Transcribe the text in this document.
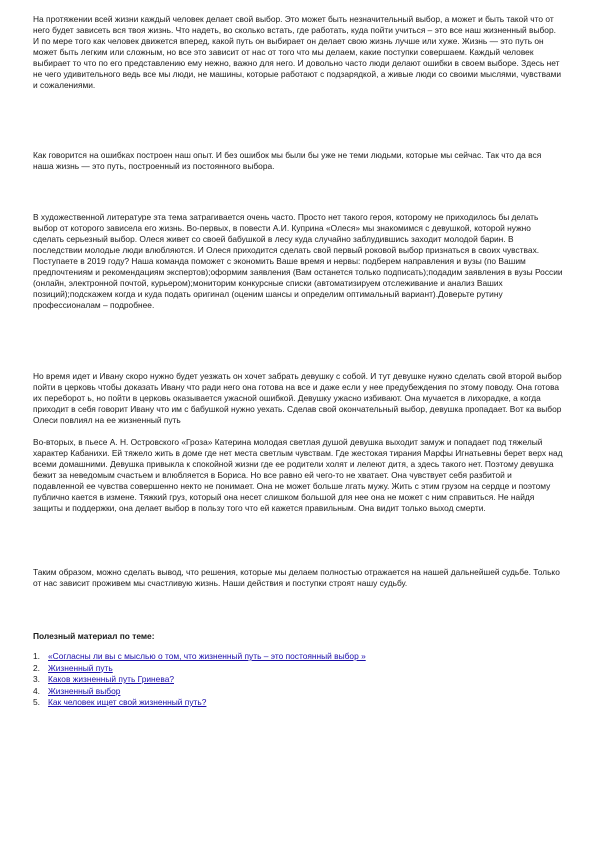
На протяжении всей жизни каждый человек делает свой выбор. Это может быть незначительный выбор, а может и быть такой что от него будет зависеть вся твоя жизнь. Что надеть, во сколько встать, где работать, куда пойти учиться – это все наш жизненный выбор. И по мере того как человек движется вперед, какой путь он выбирает он делает свою жизнь лучше или хуже. Жизнь — это путь он может быть легким или сложным, но все это зависит от нас от того что мы делаем, какие поступки совершаем. Каждый человек выбирает то что по его представлению ему нежно, важно для него. И довольно часто люди делают ошибки в своем выборе. Здесь нет не чего удивительного ведь все мы люди, не машины, которые работают с подзарядкой, а живые люди со своими мыслями, чувствами и сожалениями.

Как говорится на ошибках построен наш опыт. И без ошибок мы были бы уже не теми людьми, которые мы сейчас. Так что да вся наша жизнь — это путь, построенный из постоянного выбора.

В художественной литературе эта тема затрагивается очень часто. Просто нет такого героя, которому не приходилось бы делать выбор от которого зависела его жизнь. Во-первых, в повести А.И. Куприна «Олеся» мы знакомимся с девушкой, которой нужно сделать серьезный выбор. Олеся живет со своей бабушкой в лесу куда случайно заблудившись заходит молодой барин. В последствии молодые люди влюбляются. И Олеся приходится сделать свой первый роковой выбор признаться в своих чувствах. Поступаете в 2019 году? Наша команда поможет с экономить Ваше время и нервы: подберем направления и вузы (по Вашим предпочтениям и рекомендациям экспертов);оформим заявления (Вам останется только подписать);подадим заявления в вузы России (онлайн, электронной почтой, курьером);мониторим конкурсные списки (автоматизируем отслеживание и анализ Ваших позиций);подскажем когда и куда подать оригинал (оценим шансы и определим оптимальный вариант).Доверьте рутину профессионалам – подробнее.

Но время идет и Ивану скоро нужно будет уезжать он хочет забрать девушку с собой. И тут девушке нужно сделать свой второй выбор пойти в церковь чтобы доказать Ивану что ради него она готова на все и даже если у нее предубеждения по этому поводу. Она готова их переборот ь, но пойти в церковь оказывается ужасной ошибкой. Девушку ужасно избивают. Она мучается в лихорадке, а когда приходит в себя говорит Ивану что им с бабушкой нужно уехать. Сделав свой окончательный выбор, девушка пропадает. Вот ка выбор Олеси повлиял на ее жизненный путь

Во-вторых, в пьесе А. Н. Островского «Гроза» Катерина молодая светлая душой девушка выходит замуж и попадает под тяжелый характер Кабанихи. Ей тяжело жить в доме где нет места светлым чувствам. Где жестокая тирания Марфы Игнатьевны берет верх над всеми домашними. Девушка привыкла к спокойной жизни где ее родители холят и лелеют дитя, а здесь такого нет. Поэтому девушка бежит за неведомым счастьем и влюбляется в Бориса. Но все равно ей чего-то не хватает. Она чувствует себя разбитой и подавленной ее чувства совершенно некто не понимает. Она не может больше лгать мужу. Жить с этим грузом на сердце и поэтому публично кается в измене. Тяжкий груз, который она несет слишком большой для нее она не может с ним справиться. Не найдя защиты и поддержки, она делает выбор в пользу того что ей кажется правильным. Она видит только выход смерти.

Таким образом, можно сделать вывод, что решения, которые мы делаем полностью отражается на нашей дальнейшей судьбе. Только от нас зависит проживем мы счастливую жизнь. Наши действия и поступки строят нашу судьбу.

Полезный материал по теме:

1. «Согласны ли вы с мыслью о том, что жизненный путь – это постоянный выбор »
2. Жизненный путь
3. Каков жизненный путь Гринева?
4. Жизненный выбор
5. Как человек ищет свой жизненный путь?
